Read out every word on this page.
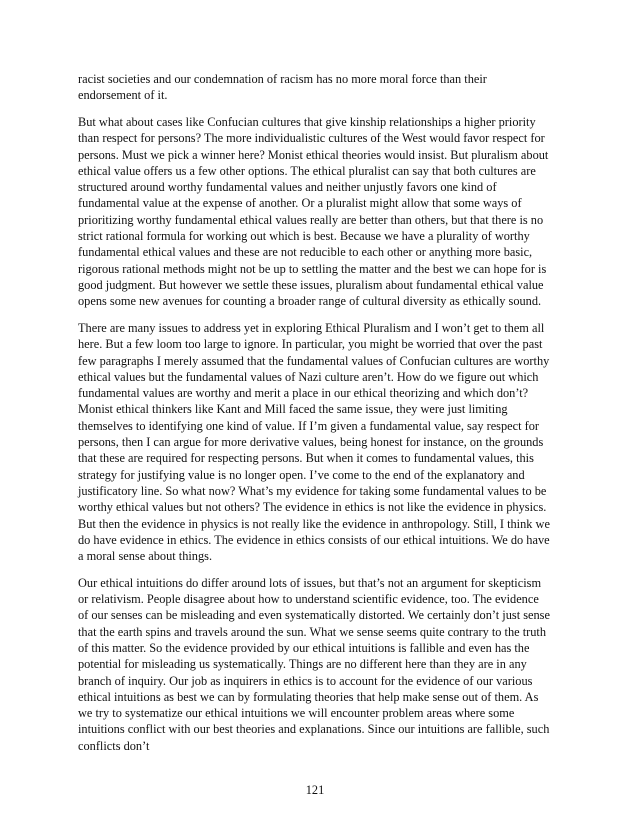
racist societies and our condemnation of racism has no more moral force than their endorsement of it.

But what about cases like Confucian cultures that give kinship relationships a higher priority than respect for persons? The more individualistic cultures of the West would favor respect for persons. Must we pick a winner here? Monist ethical theories would insist. But pluralism about ethical value offers us a few other options. The ethical pluralist can say that both cultures are structured around worthy fundamental values and neither unjustly favors one kind of fundamental value at the expense of another. Or a pluralist might allow that some ways of prioritizing worthy fundamental ethical values really are better than others, but that there is no strict rational formula for working out which is best. Because we have a plurality of worthy fundamental ethical values and these are not reducible to each other or anything more basic, rigorous rational methods might not be up to settling the matter and the best we can hope for is good judgment. But however we settle these issues, pluralism about fundamental ethical value opens some new avenues for counting a broader range of cultural diversity as ethically sound.

There are many issues to address yet in exploring Ethical Pluralism and I won’t get to them all here. But a few loom too large to ignore. In particular, you might be worried that over the past few paragraphs I merely assumed that the fundamental values of Confucian cultures are worthy ethical values but the fundamental values of Nazi culture aren’t. How do we figure out which fundamental values are worthy and merit a place in our ethical theorizing and which don’t? Monist ethical thinkers like Kant and Mill faced the same issue, they were just limiting themselves to identifying one kind of value. If I’m given a fundamental value, say respect for persons, then I can argue for more derivative values, being honest for instance, on the grounds that these are required for respecting persons. But when it comes to fundamental values, this strategy for justifying value is no longer open. I’ve come to the end of the explanatory and justificatory line. So what now? What’s my evidence for taking some fundamental values to be worthy ethical values but not others? The evidence in ethics is not like the evidence in physics. But then the evidence in physics is not really like the evidence in anthropology. Still, I think we do have evidence in ethics. The evidence in ethics consists of our ethical intuitions. We do have a moral sense about things.

Our ethical intuitions do differ around lots of issues, but that’s not an argument for skepticism or relativism. People disagree about how to understand scientific evidence, too. The evidence of our senses can be misleading and even systematically distorted. We certainly don’t just sense that the earth spins and travels around the sun. What we sense seems quite contrary to the truth of this matter. So the evidence provided by our ethical intuitions is fallible and even has the potential for misleading us systematically. Things are no different here than they are in any branch of inquiry. Our job as inquirers in ethics is to account for the evidence of our various ethical intuitions as best we can by formulating theories that help make sense out of them. As we try to systematize our ethical intuitions we will encounter problem areas where some intuitions conflict with our best theories and explanations. Since our intuitions are fallible, such conflicts don’t

121
